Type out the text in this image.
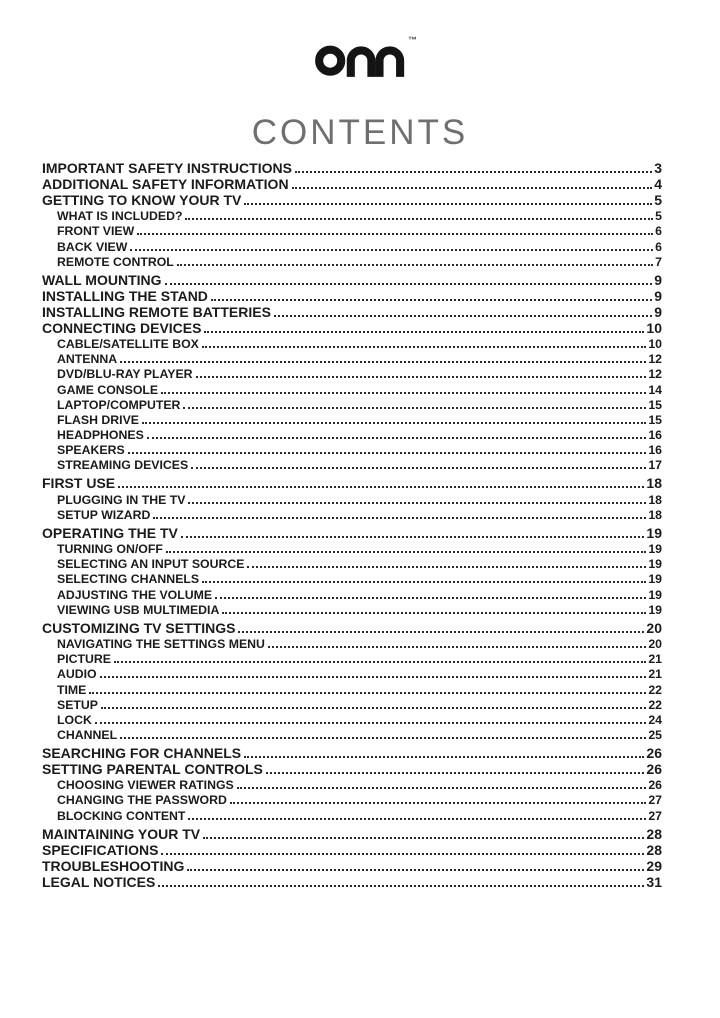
™
CONTENTS
IMPORTANT SAFETY INSTRUCTIONS	3
ADDITIONAL SAFETY INFORMATION	4
GETTING TO KNOW YOUR TV	5
WHAT IS INCLUDED?	5
FRONT VIEW	6
BACK VIEW	6
REMOTE CONTROL	7
WALL MOUNTING	9
INSTALLING THE STAND	9
INSTALLING REMOTE BATTERIES	9
CONNECTING DEVICES	10
CABLE/SATELLITE BOX	10
ANTENNA	12
DVD/BLU-RAY PLAYER	12
GAME CONSOLE	14
LAPTOP/COMPUTER	15
FLASH DRIVE	15
HEADPHONES	16
SPEAKERS	16
STREAMING DEVICES	17
FIRST USE	18
PLUGGING IN THE TV	18
SETUP WIZARD	18
OPERATING THE TV	19
TURNING ON/OFF	19
SELECTING AN INPUT SOURCE	19
SELECTING CHANNELS	19
ADJUSTING THE VOLUME	19
VIEWING USB MULTIMEDIA	19
CUSTOMIZING TV SETTINGS	20
NAVIGATING THE SETTINGS MENU	20
PICTURE	21
AUDIO	21
TIME	22
SETUP	22
LOCK	24
CHANNEL	25
SEARCHING FOR CHANNELS	26
SETTING PARENTAL CONTROLS	26
CHOOSING VIEWER RATINGS	26
CHANGING THE PASSWORD	27
BLOCKING CONTENT	27
MAINTAINING YOUR TV	28
SPECIFICATIONS	28
TROUBLESHOOTING	29
LEGAL NOTICES	31
